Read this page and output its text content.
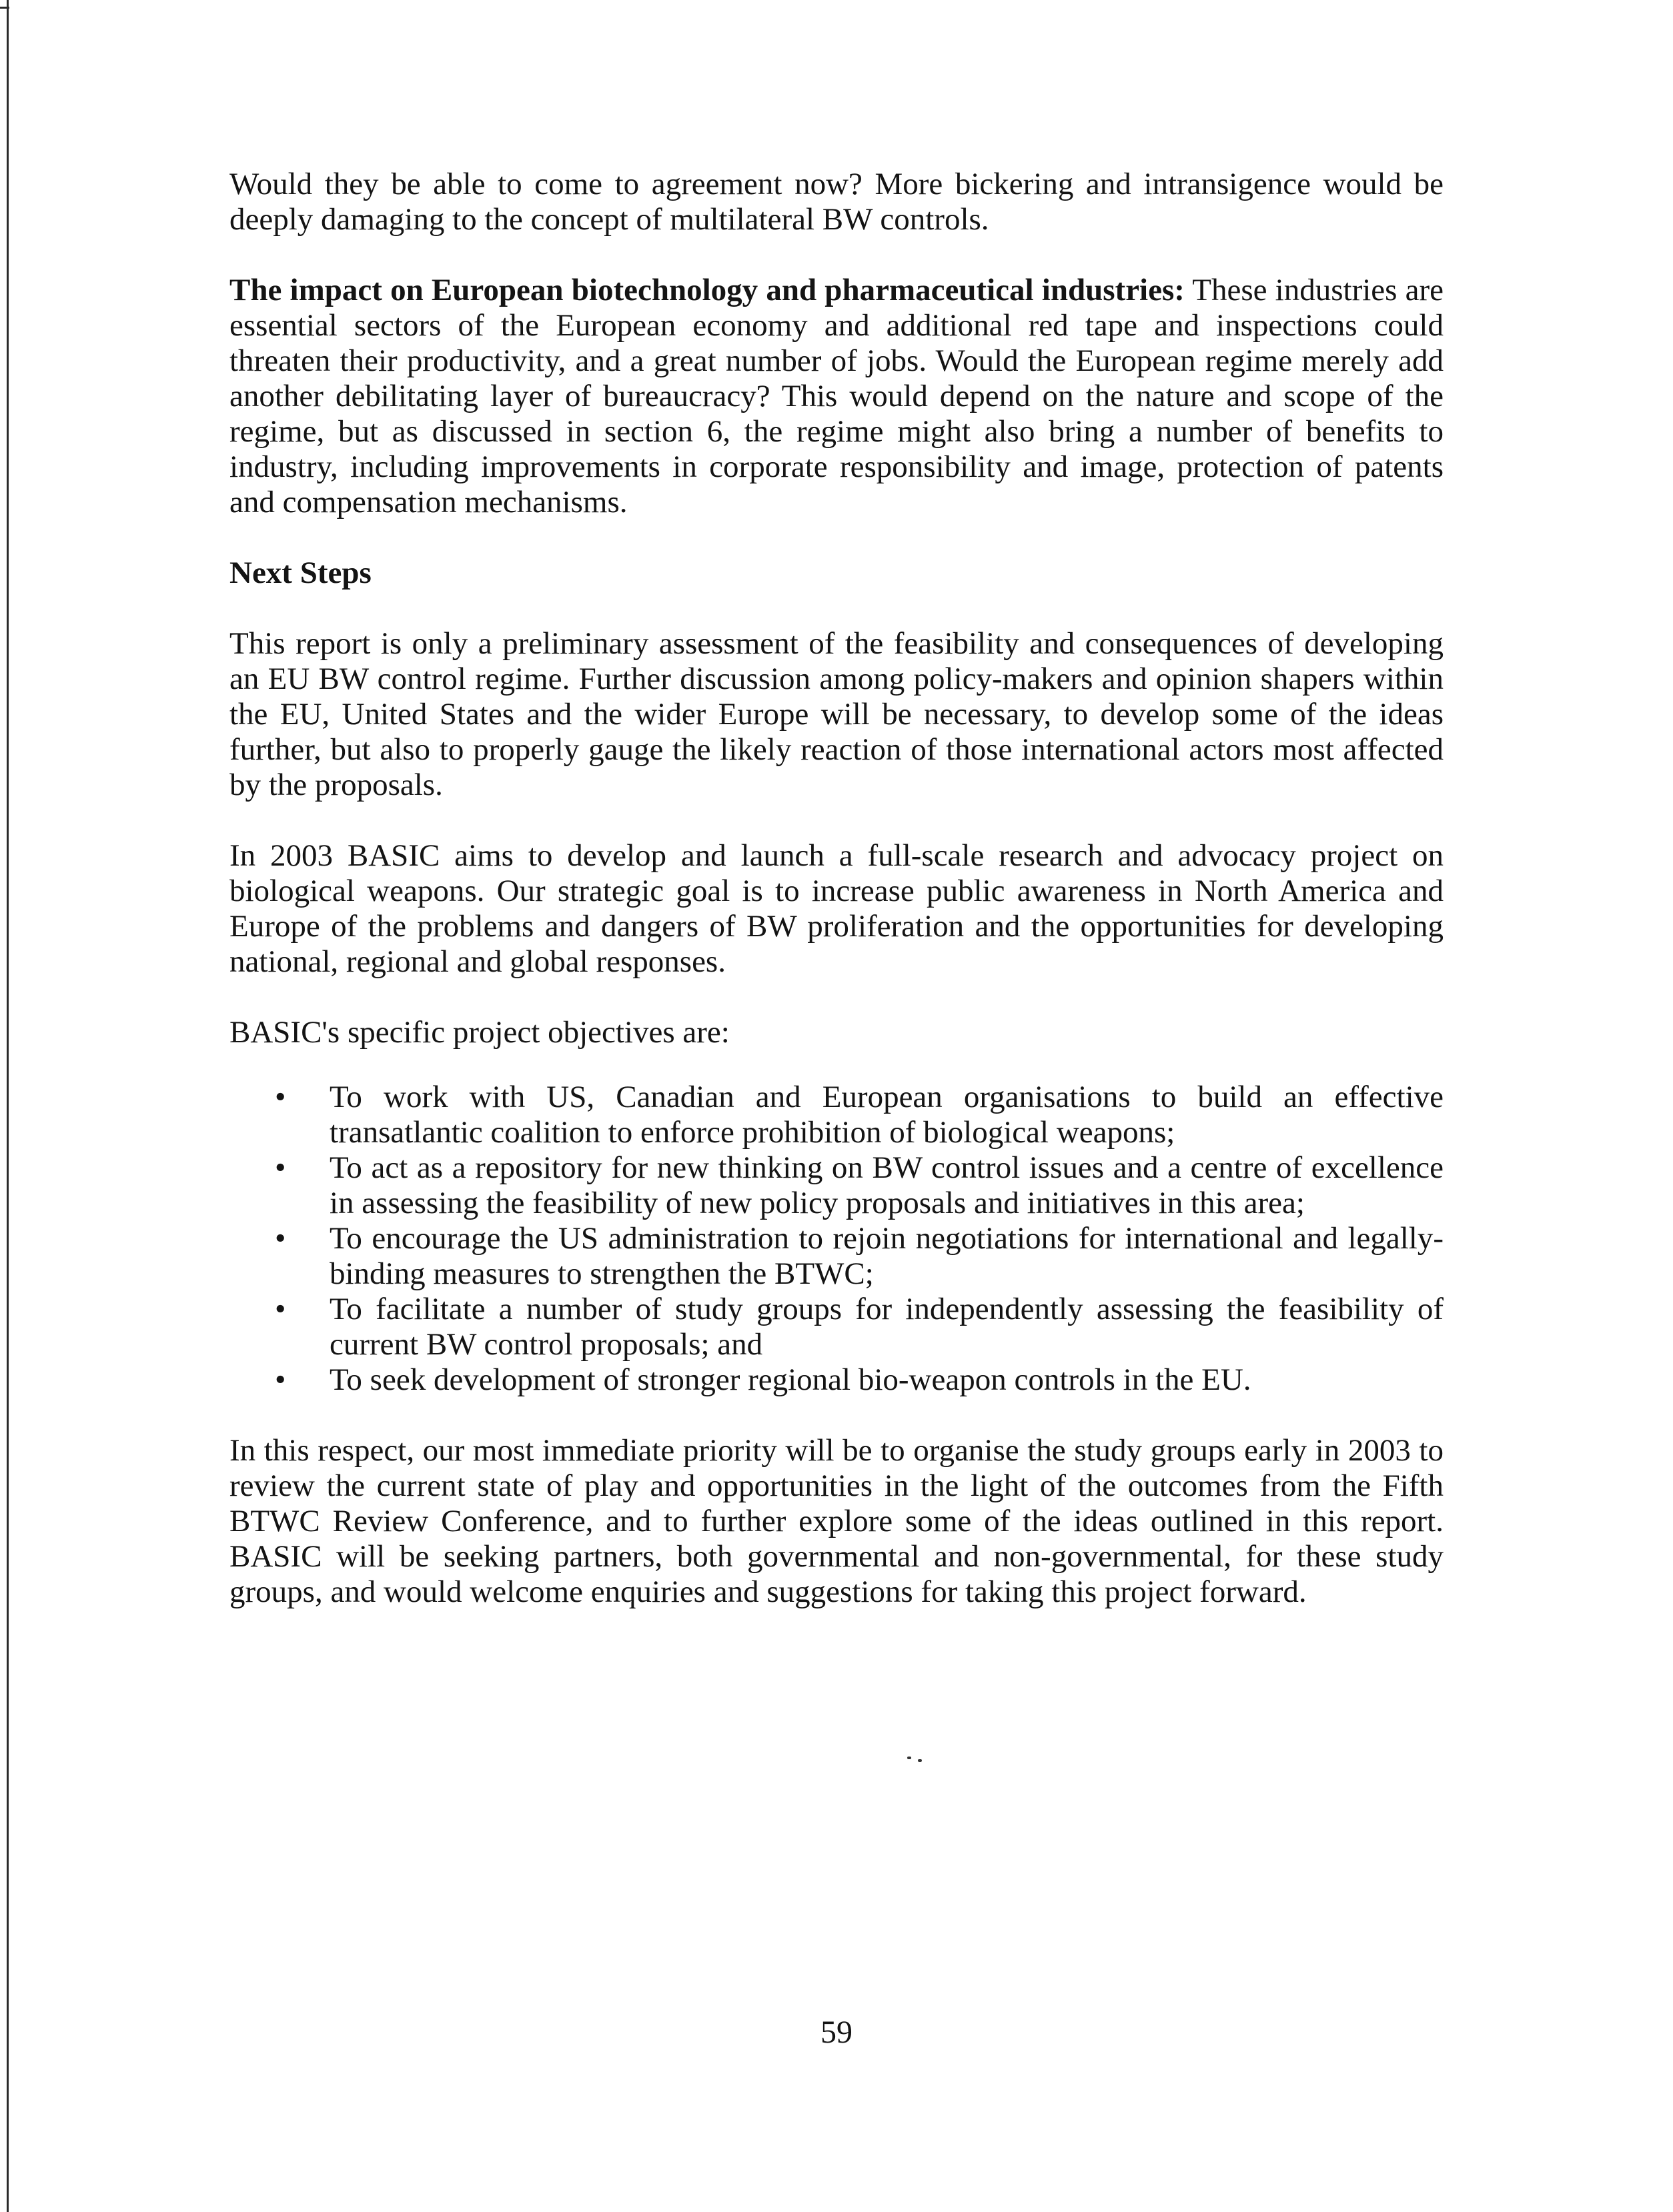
Would they be able to come to agreement now? More bickering and intransigence would be deeply damaging to the concept of multilateral BW controls.

The impact on European biotechnology and pharmaceutical industries: These industries are essential sectors of the European economy and additional red tape and inspections could threaten their productivity, and a great number of jobs. Would the European regime merely add another debilitating layer of bureaucracy? This would depend on the nature and scope of the regime, but as discussed in section 6, the regime might also bring a number of benefits to industry, including improvements in corporate responsibility and image, protection of patents and compensation mechanisms.

Next Steps

This report is only a preliminary assessment of the feasibility and consequences of developing an EU BW control regime. Further discussion among policy-makers and opinion shapers within the EU, United States and the wider Europe will be necessary, to develop some of the ideas further, but also to properly gauge the likely reaction of those international actors most affected by the proposals.

In 2003 BASIC aims to develop and launch a full-scale research and advocacy project on biological weapons. Our strategic goal is to increase public awareness in North America and Europe of the problems and dangers of BW proliferation and the opportunities for developing national, regional and global responses.

BASIC's specific project objectives are:

• To work with US, Canadian and European organisations to build an effective transatlantic coalition to enforce prohibition of biological weapons;
• To act as a repository for new thinking on BW control issues and a centre of excellence in assessing the feasibility of new policy proposals and initiatives in this area;
• To encourage the US administration to rejoin negotiations for international and legally-binding measures to strengthen the BTWC;
• To facilitate a number of study groups for independently assessing the feasibility of current BW control proposals; and
• To seek development of stronger regional bio-weapon controls in the EU.

In this respect, our most immediate priority will be to organise the study groups early in 2003 to review the current state of play and opportunities in the light of the outcomes from the Fifth BTWC Review Conference, and to further explore some of the ideas outlined in this report. BASIC will be seeking partners, both governmental and non-governmental, for these study groups, and would welcome enquiries and suggestions for taking this project forward.

59
